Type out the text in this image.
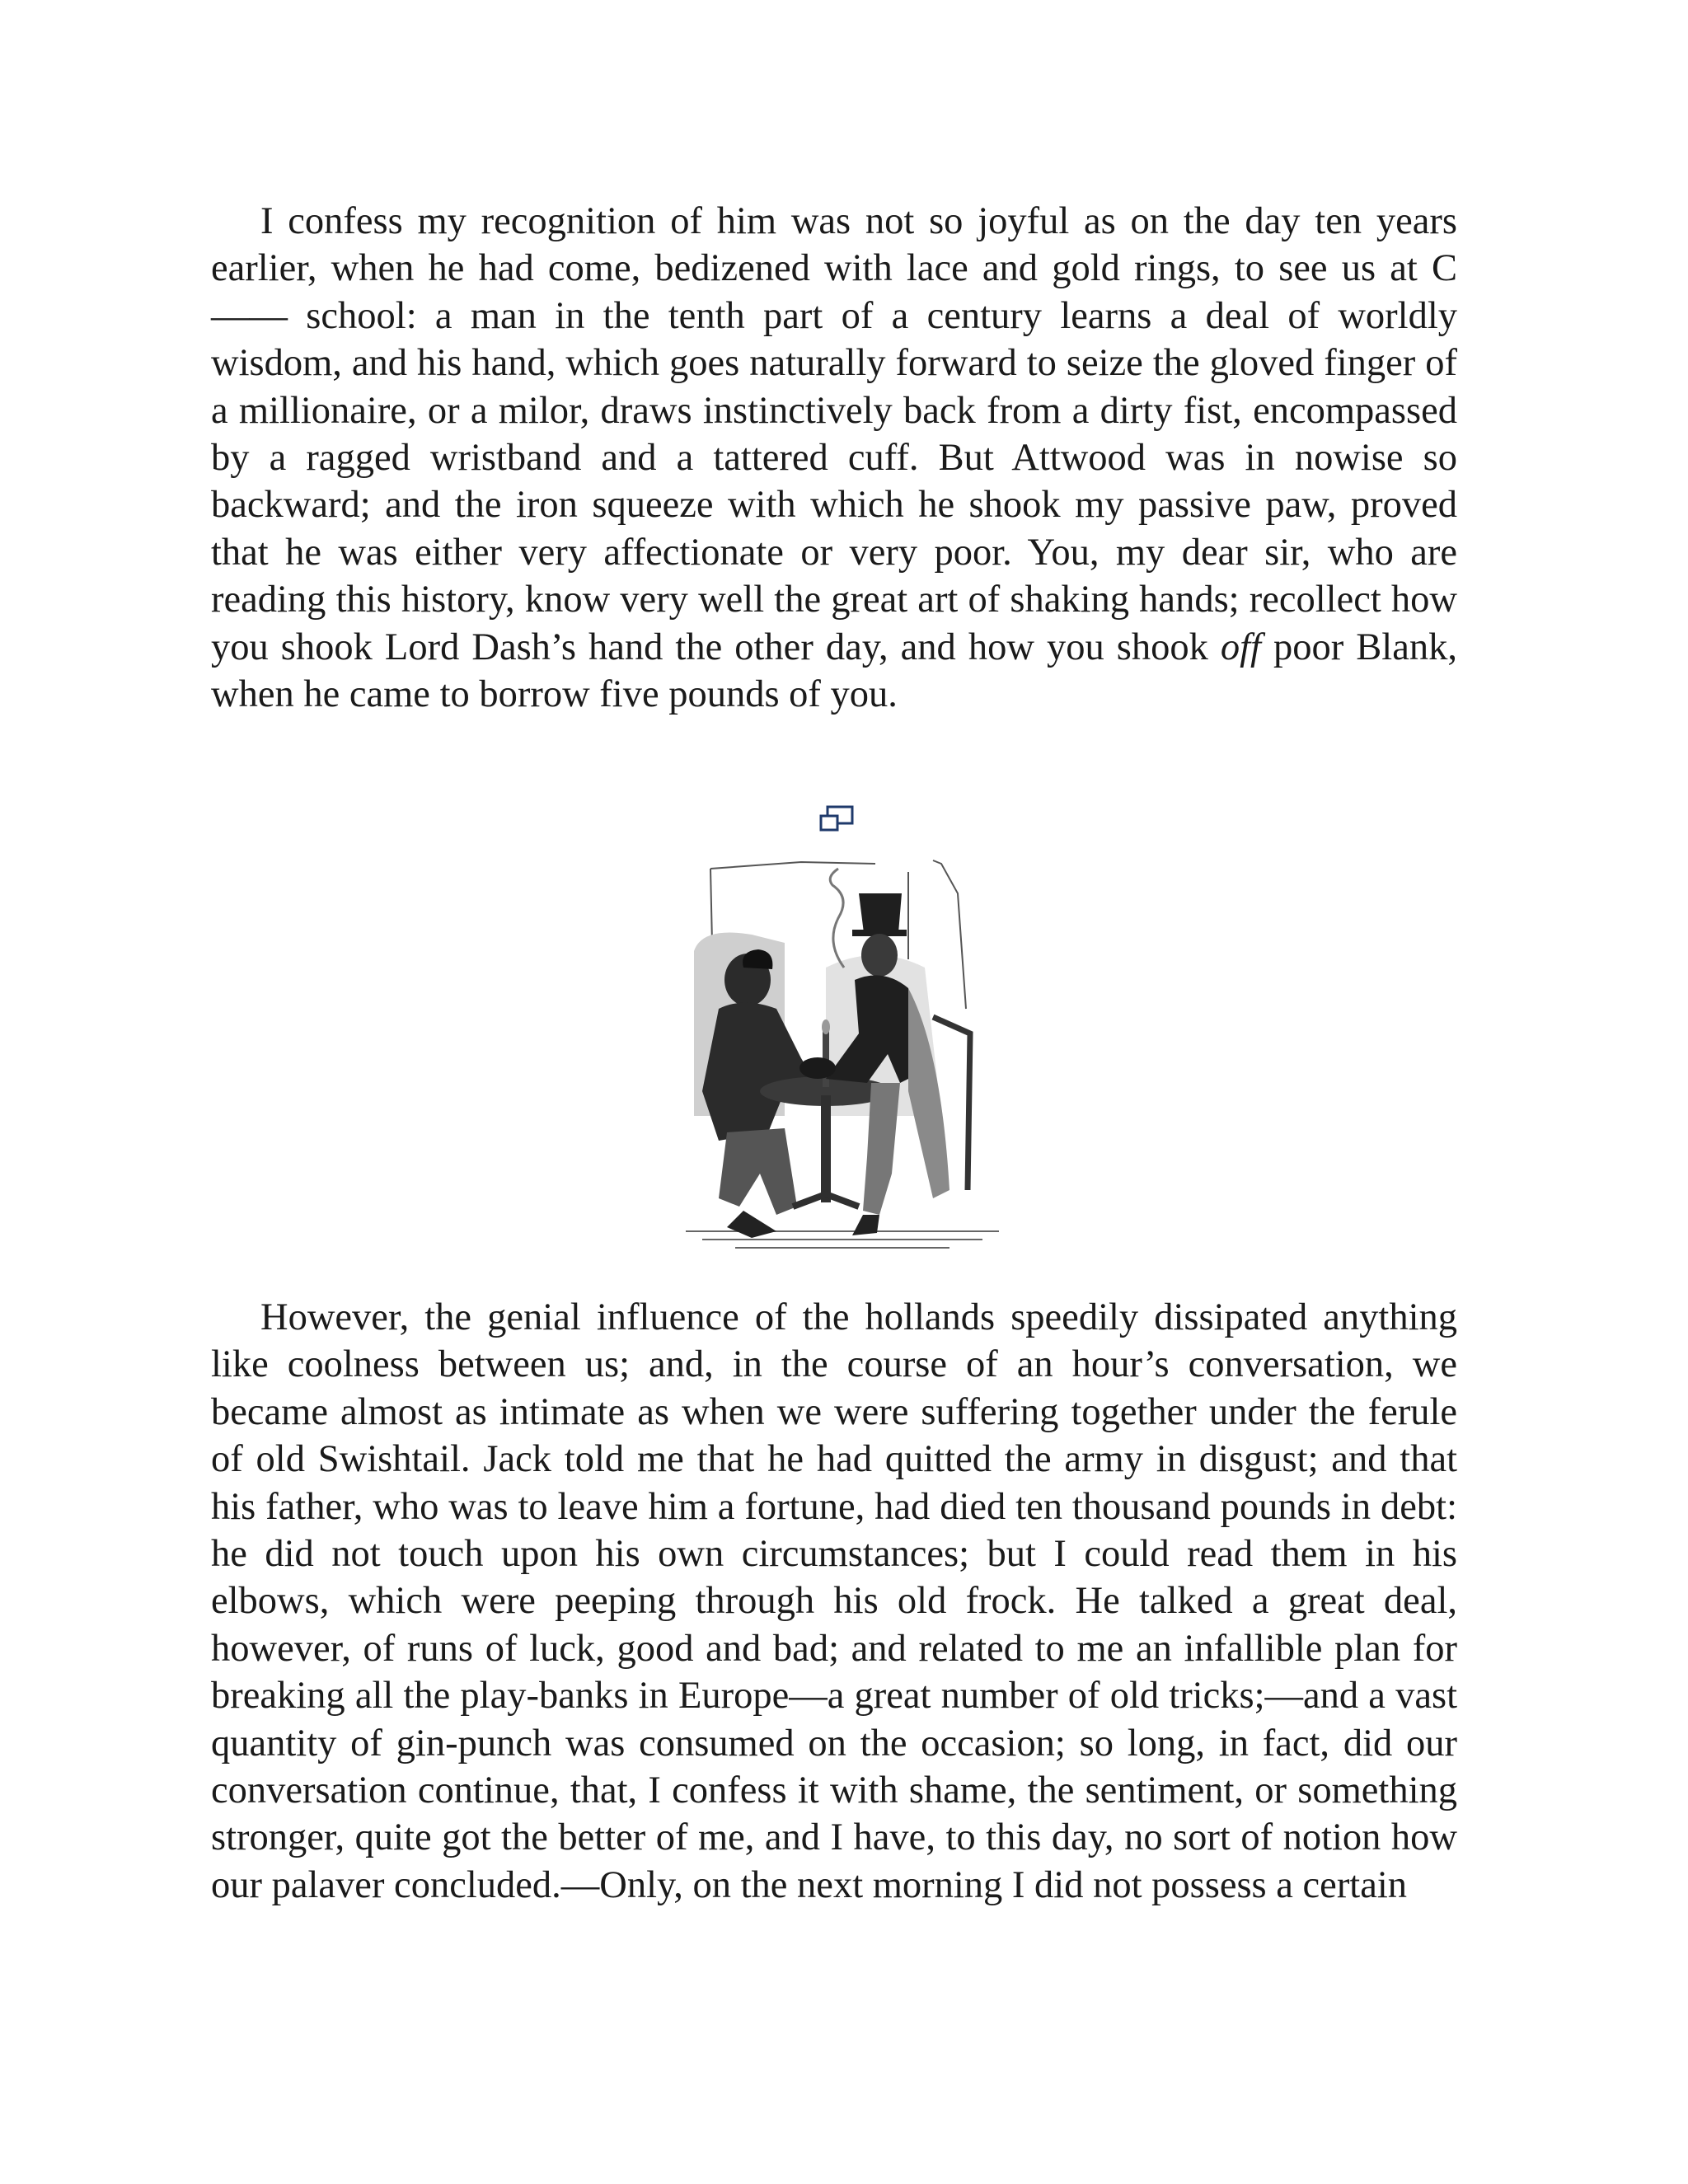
I confess my recognition of him was not so joyful as on the day ten years earlier, when he had come, bedizened with lace and gold rings, to see us at C—— school: a man in the tenth part of a century learns a deal of worldly wisdom, and his hand, which goes naturally forward to seize the gloved finger of a millionaire, or a milor, draws instinctively back from a dirty fist, encompassed by a ragged wristband and a tattered cuff. But Attwood was in nowise so backward; and the iron squeeze with which he shook my passive paw, proved that he was either very affectionate or very poor. You, my dear sir, who are reading this history, know very well the great art of shaking hands; recollect how you shook Lord Dash’s hand the other day, and how you shook off poor Blank, when he came to borrow five pounds of you.

However, the genial influence of the hollands speedily dissipated anything like coolness between us; and, in the course of an hour’s conversation, we became almost as intimate as when we were suffering together under the ferule of old Swishtail. Jack told me that he had quitted the army in disgust; and that his father, who was to leave him a fortune, had died ten thousand pounds in debt: he did not touch upon his own circumstances; but I could read them in his elbows, which were peeping through his old frock. He talked a great deal, however, of runs of luck, good and bad; and related to me an infallible plan for breaking all the play-banks in Europe—a great number of old tricks;—and a vast quantity of gin-punch was consumed on the occasion; so long, in fact, did our conversation continue, that, I confess it with shame, the sentiment, or something stronger, quite got the better of me, and I have, to this day, no sort of notion how our palaver concluded.—Only, on the next morning I did not possess a certain
